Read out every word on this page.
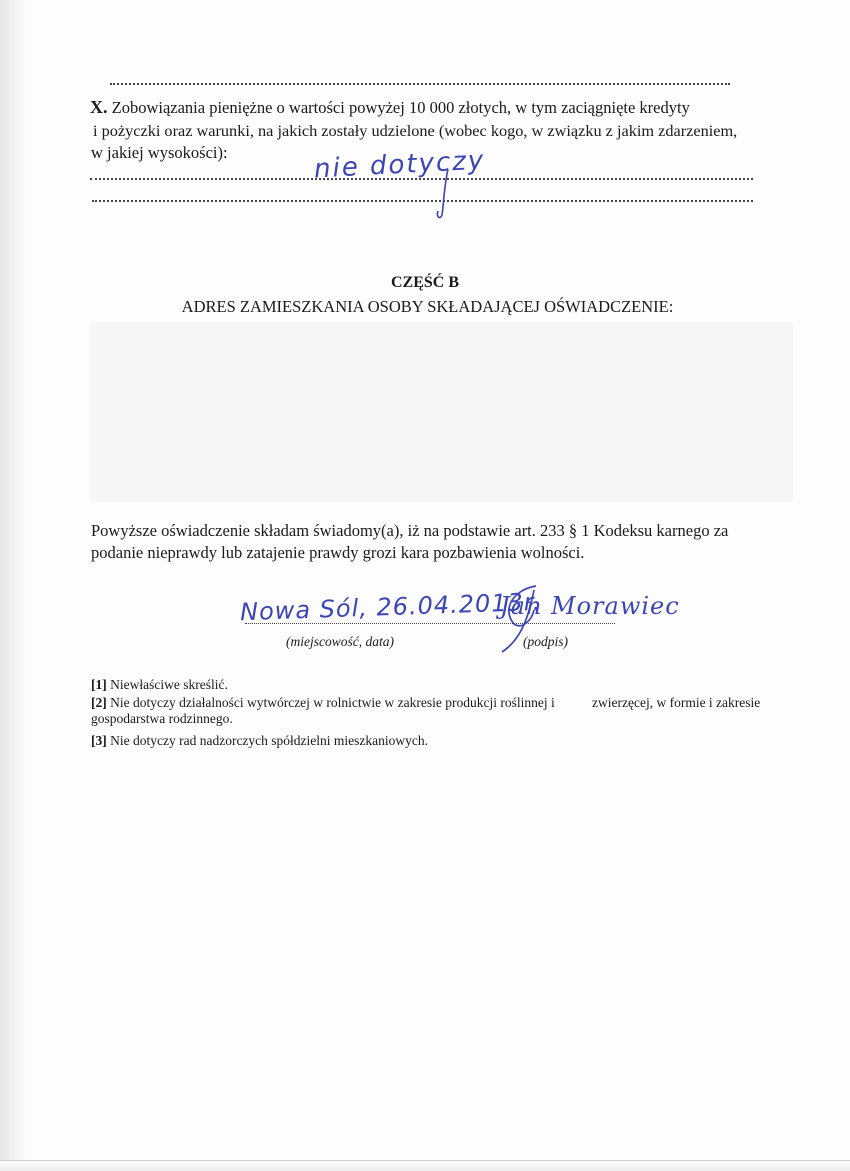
X. Zobowiązania pieniężne o wartości powyżej 10 000 złotych, w tym zaciągnięte kredyty
i pożyczki oraz warunki, na jakich zostały udzielone (wobec kogo, w związku z jakim zdarzeniem,
w jakiej wysokości):	nie dotyczy
CZĘŚĆ B
ADRES ZAMIESZKANIA OSOBY SKŁADAJĄCEJ OŚWIADCZENIE:
Powyższe oświadczenie składam świadomy(a), iż na podstawie art. 233 § 1 Kodeksu karnego za
podanie nieprawdy lub zatajenie prawdy grozi kara pozbawienia wolności.
Nowa Sól, 26.04.2013r.
Jan Morawiec
(miejscowość, data)	(podpis)
[1] Niewłaściwe skreślić.
[2] Nie dotyczy działalności wytwórczej w rolnictwie w zakresie produkcji roślinnej i	zwierzęcej, w formie i zakresie
gospodarstwa rodzinnego.
[3] Nie dotyczy rad nadzorczych spółdzielni mieszkaniowych.
